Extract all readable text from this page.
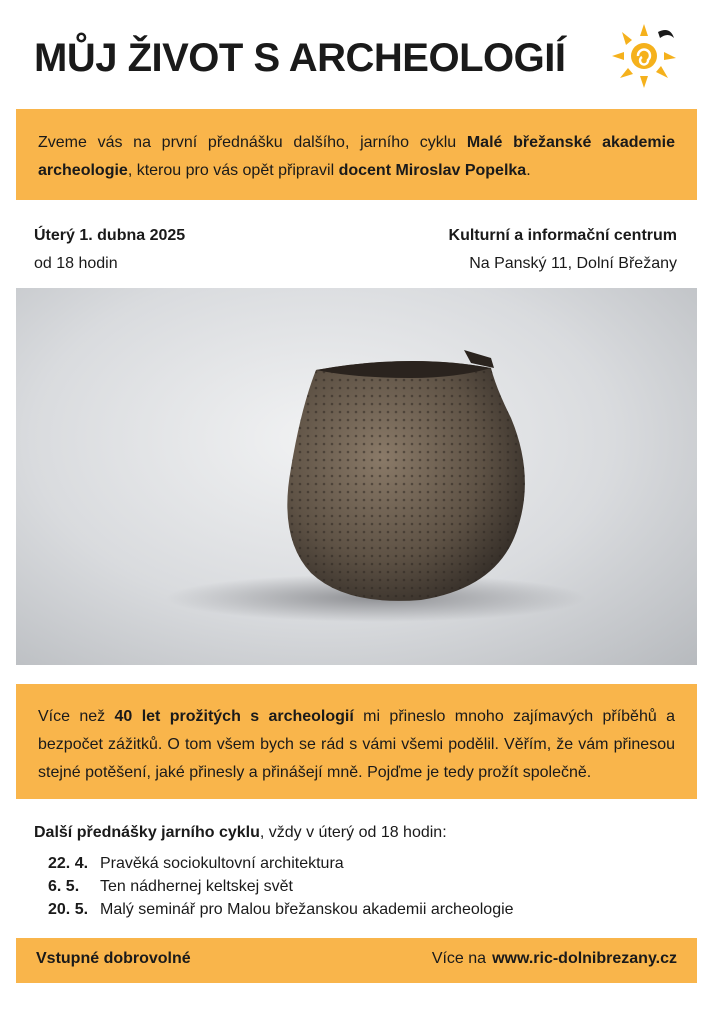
MŮJ ŽIVOT S ARCHEOLOGIÍ

Zveme vás na první přednášku dalšího, jarního cyklu Malé břežanské akademie archeologie, kterou pro vás opět připravil docent Miroslav Popelka.

Úterý 1. dubna 2025
od 18 hodin
Kulturní a informační centrum
Na Panský 11, Dolní Břežany

Více než 40 let prožitých s archeologií mi přineslo mnoho zajímavých příběhů a bezpočet zážitků. O tom všem bych se rád s vámi všemi podělil. Věřím, že vám přinesou stejné potěšení, jaké přinesly a přinášejí mně. Pojďme je tedy prožít společně.

Další přednášky jarního cyklu, vždy v úterý od 18 hodin:
22. 4. Pravěká sociokultovní architektura
6. 5.	Ten nádhernej keltskej svět
20. 5. Malý seminář pro Malou břežanskou akademii archeologie
Vstupné dobrovolné	Více na www.ric-dolnibrezany.cz
